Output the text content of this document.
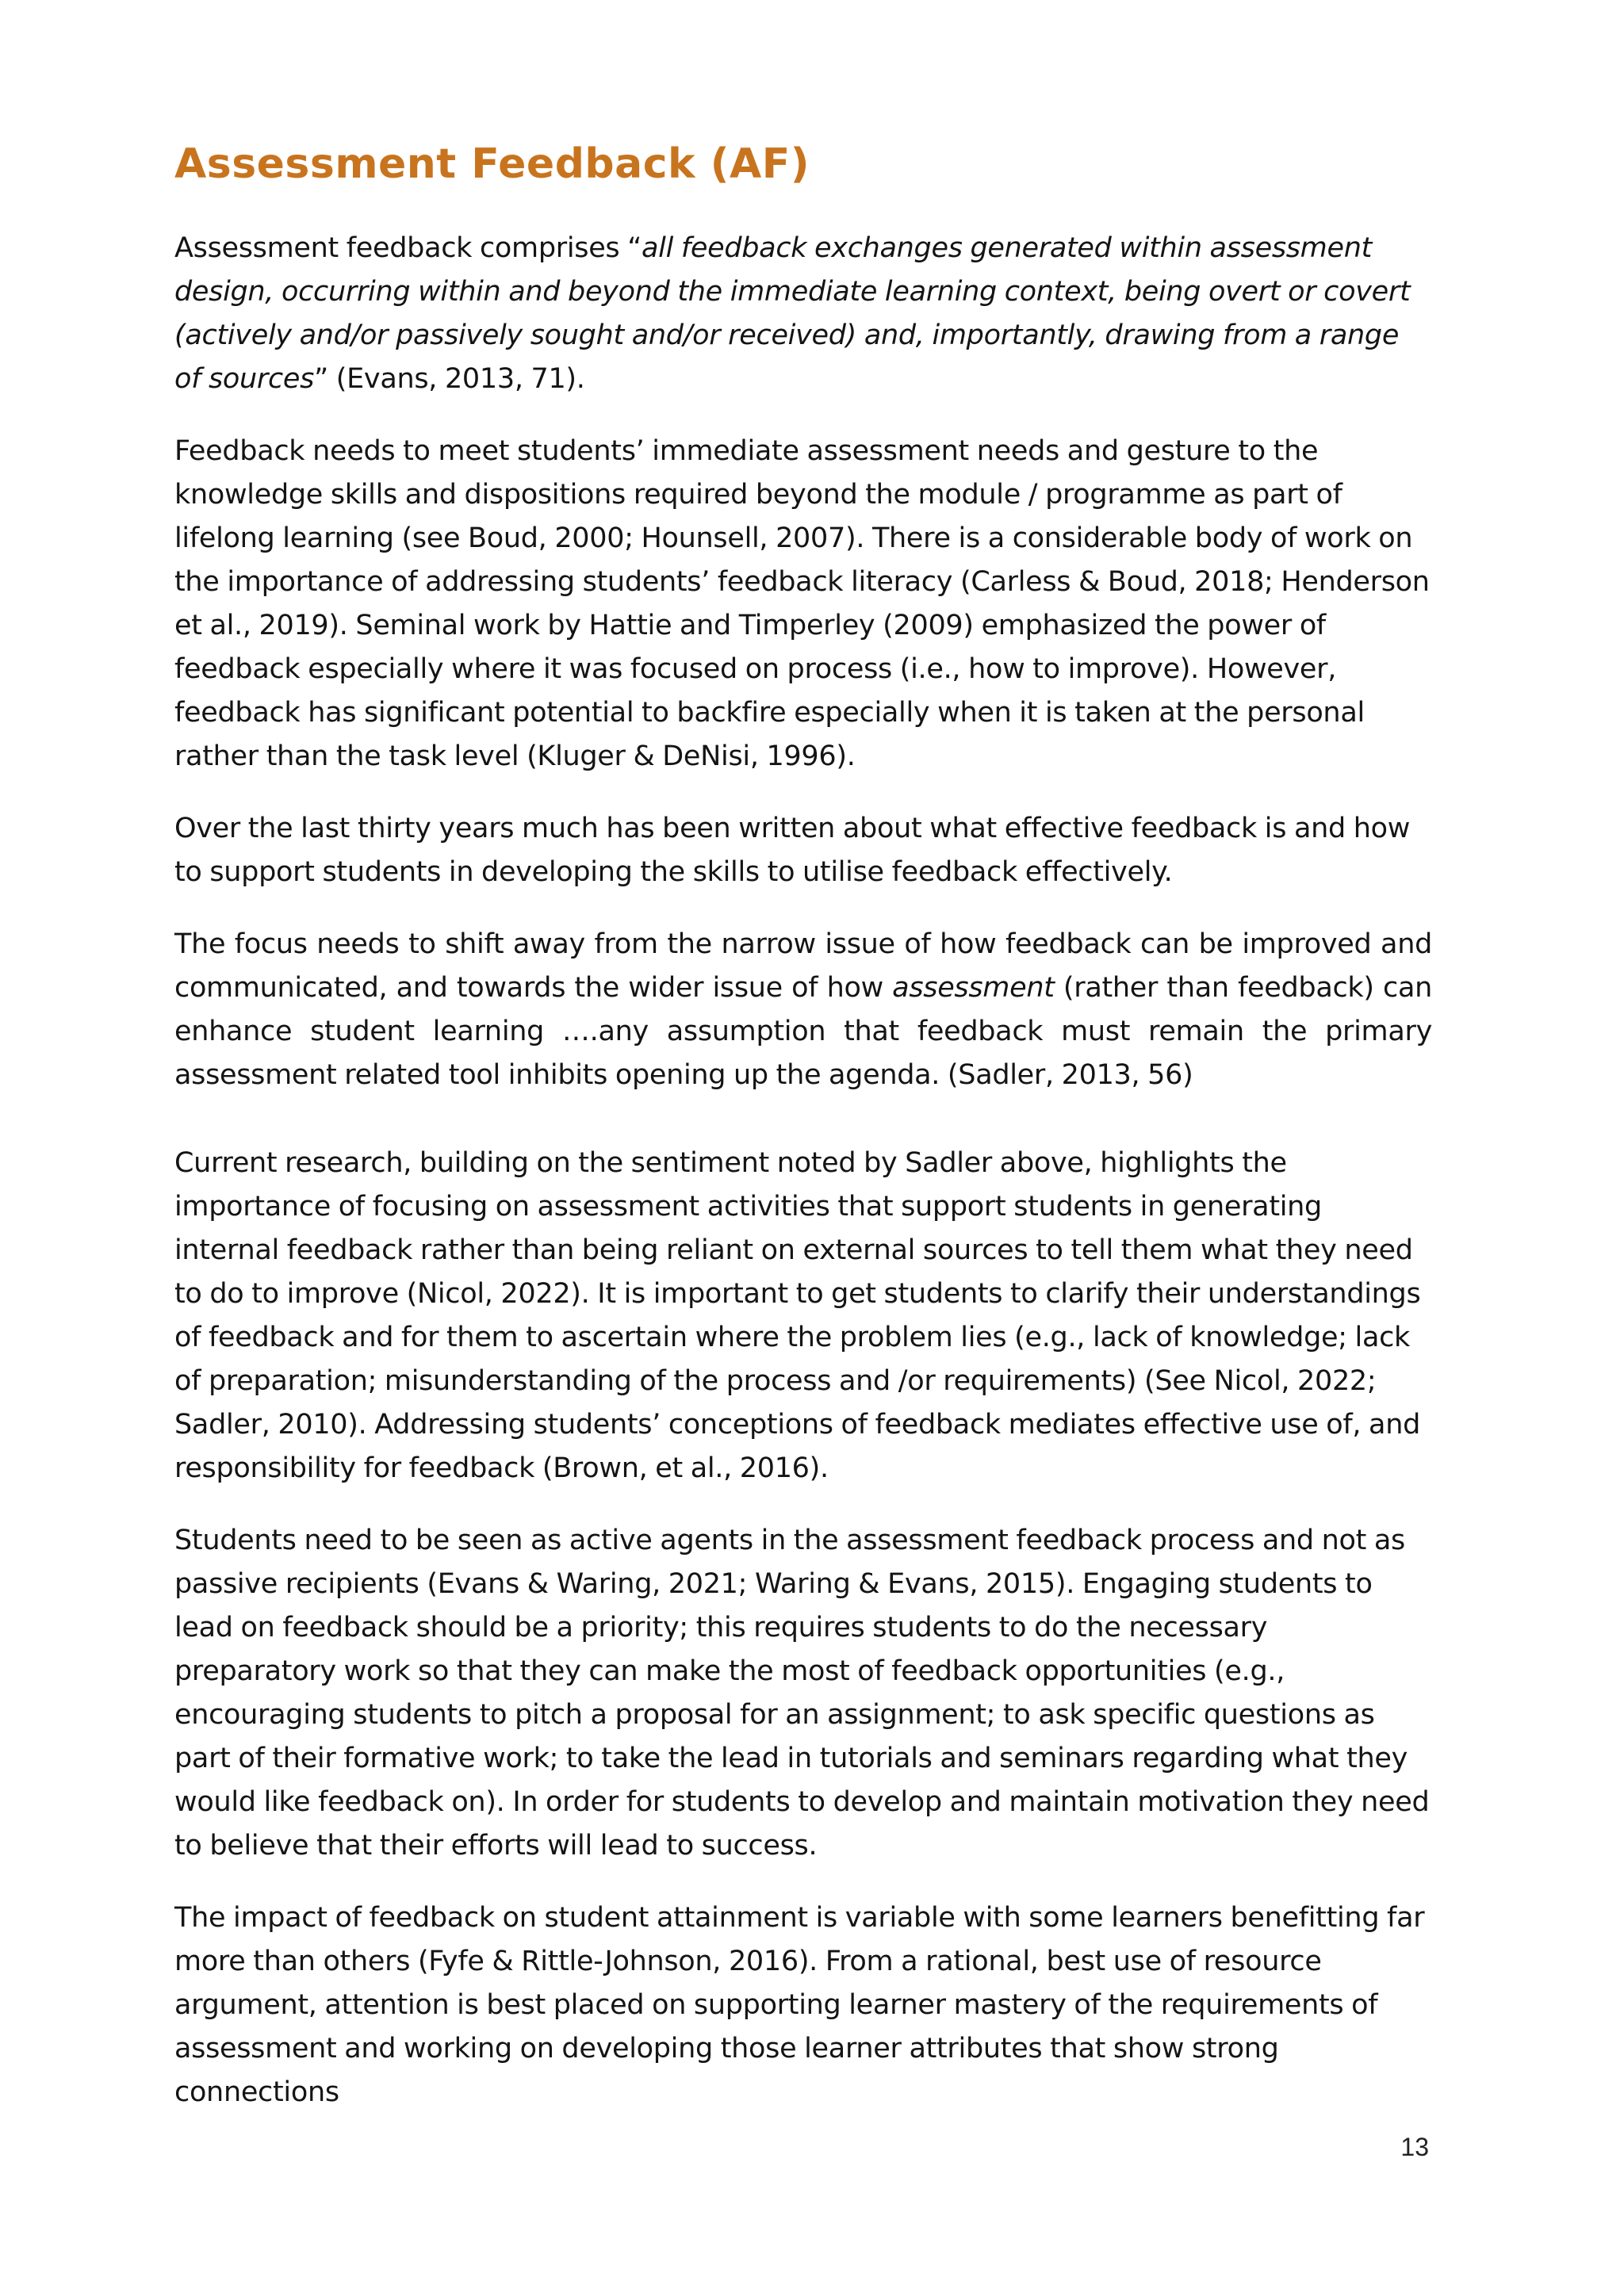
Assessment Feedback (AF)

Assessment feedback comprises “all feedback exchanges generated within assessment design, occurring within and beyond the immediate learning context, being overt or covert (actively and/or passively sought and/or received) and, importantly, drawing from a range of sources” (Evans, 2013, 71).

Feedback needs to meet students’ immediate assessment needs and gesture to the knowledge skills and dispositions required beyond the module / programme as part of lifelong learning (see Boud, 2000; Hounsell, 2007). There is a considerable body of work on the importance of addressing students’ feedback literacy (Carless & Boud, 2018; Henderson et al., 2019). Seminal work by Hattie and Timperley (2009) emphasized the power of feedback especially where it was focused on process (i.e., how to improve). However, feedback has significant potential to backfire especially when it is taken at the personal rather than the task level (Kluger & DeNisi, 1996).

Over the last thirty years much has been written about what effective feedback is and how to support students in developing the skills to utilise feedback effectively.

The focus needs to shift away from the narrow issue of how feedback can be improved and communicated, and towards the wider issue of how assessment (rather than feedback) can enhance student learning ….any assumption that feedback must remain the primary assessment related tool inhibits opening up the agenda. (Sadler, 2013, 56)

Current research, building on the sentiment noted by Sadler above, highlights the importance of focusing on assessment activities that support students in generating internal feedback rather than being reliant on external sources to tell them what they need to do to improve (Nicol, 2022). It is important to get students to clarify their understandings of feedback and for them to ascertain where the problem lies (e.g., lack of knowledge; lack of preparation; misunderstanding of the process and /or requirements) (See Nicol, 2022; Sadler, 2010). Addressing students’ conceptions of feedback mediates effective use of, and responsibility for feedback (Brown, et al., 2016).

Students need to be seen as active agents in the assessment feedback process and not as passive recipients (Evans & Waring, 2021; Waring & Evans, 2015). Engaging students to lead on feedback should be a priority; this requires students to do the necessary preparatory work so that they can make the most of feedback opportunities (e.g., encouraging students to pitch a proposal for an assignment; to ask specific questions as part of their formative work; to take the lead in tutorials and seminars regarding what they would like feedback on). In order for students to develop and maintain motivation they need to believe that their efforts will lead to success.

The impact of feedback on student attainment is variable with some learners benefitting far more than others (Fyfe & Rittle-Johnson, 2016). From a rational, best use of resource argument, attention is best placed on supporting learner mastery of the requirements of assessment and working on developing those learner attributes that show strong connections

13
